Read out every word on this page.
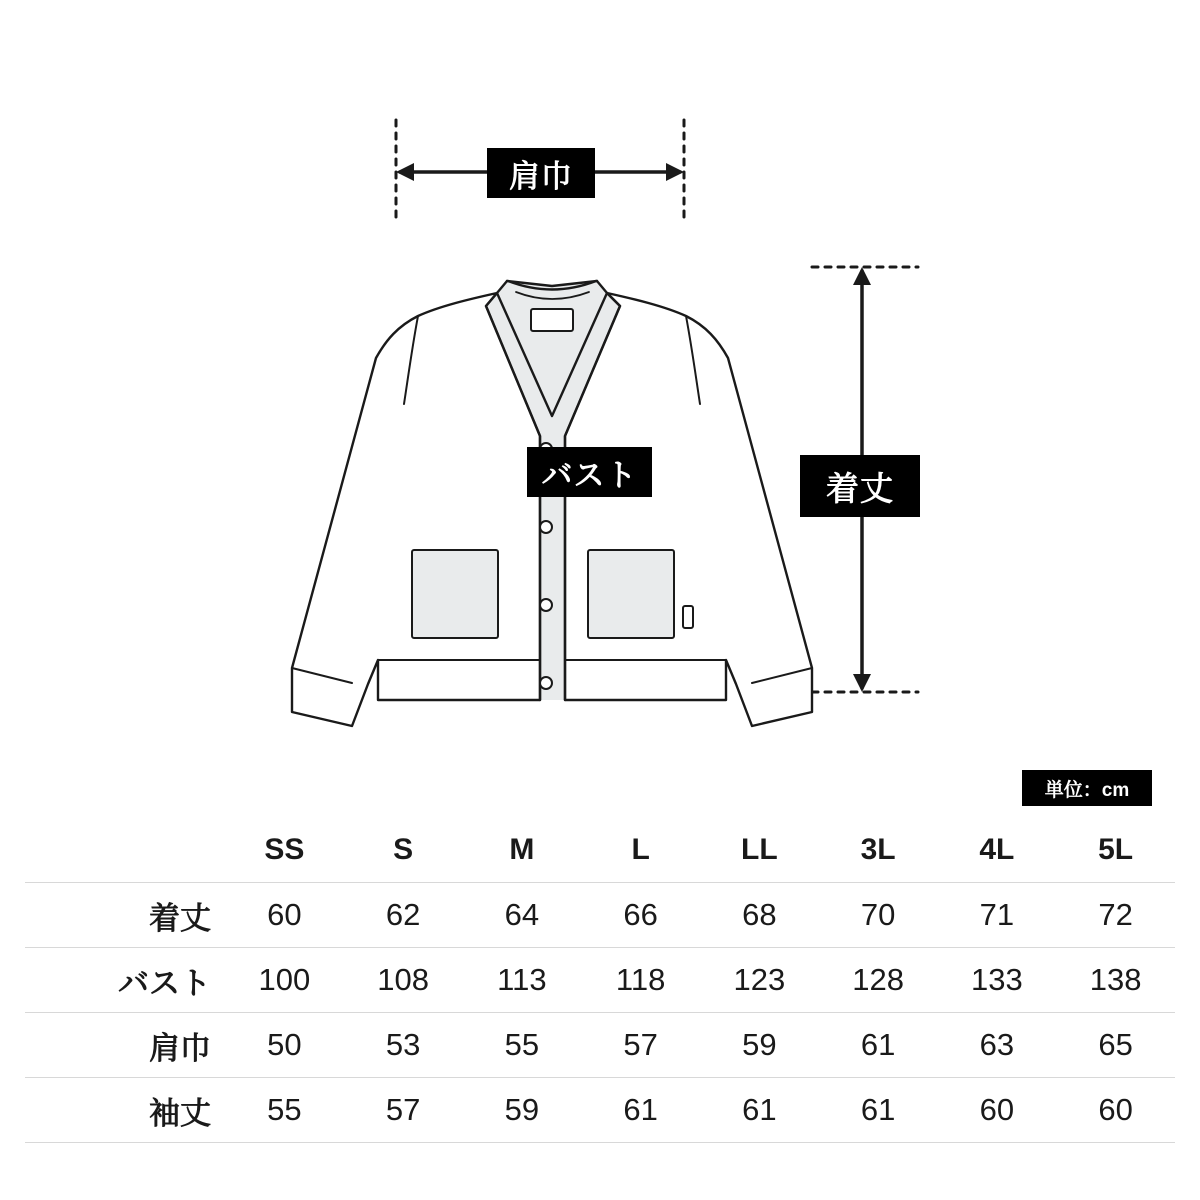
肩巾
バスト	着丈
単位：cm
	SS	S	M	L	LL	3L	4L	5L
着丈	60	62	64	66	68	70	71	72
バスト	100	108	113	118	123	128	133	138
肩巾	50	53	55	57	59	61	63	65
袖丈	55	57	59	61	61	61	60	60
